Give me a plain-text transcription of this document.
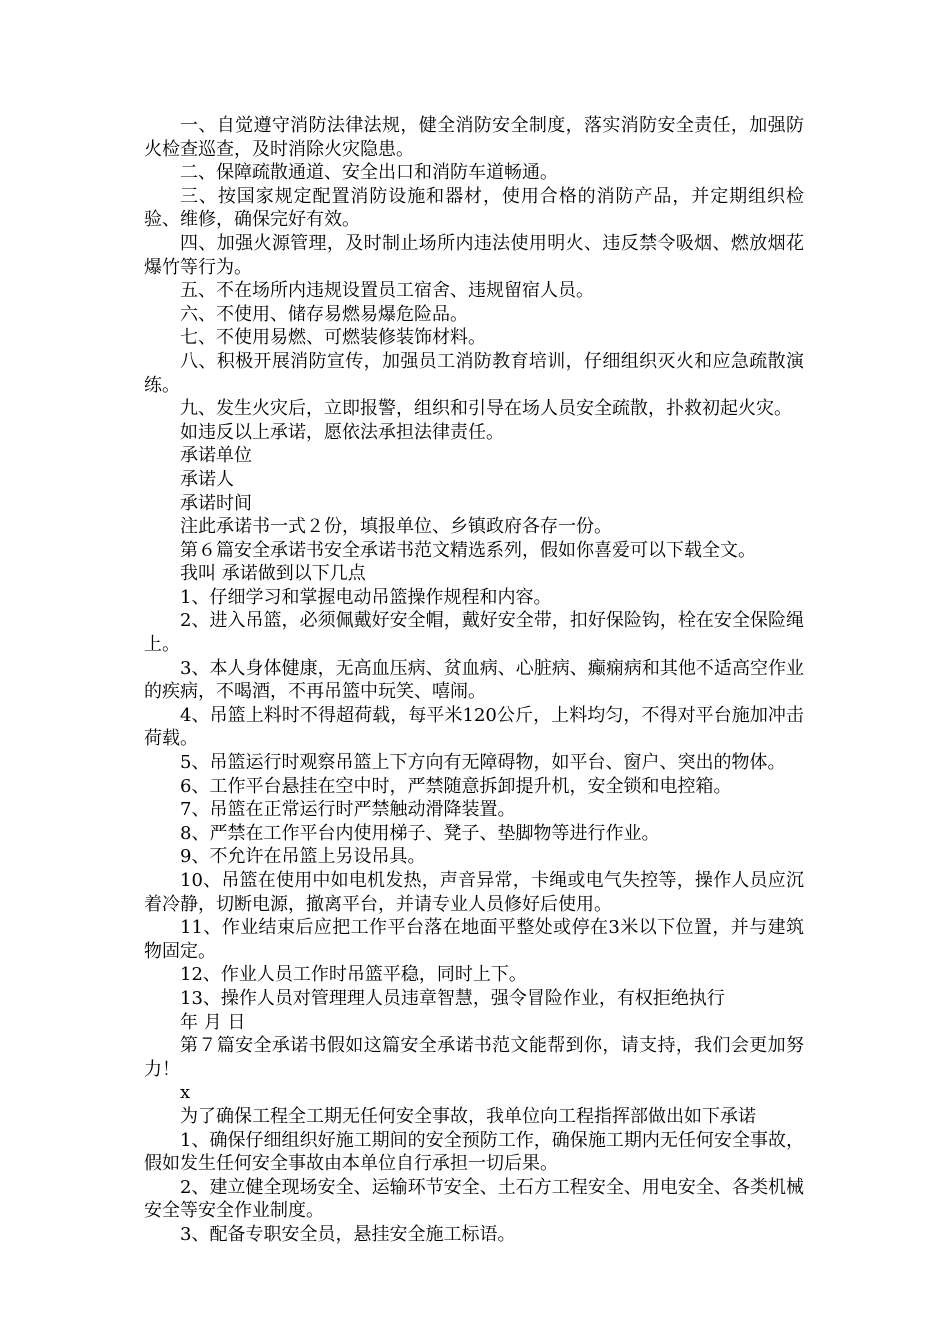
一、自觉遵守消防法律法规，健全消防安全制度，落实消防安全责任，加强防火检查巡查，及时消除火灾隐患。

二、保障疏散通道、安全出口和消防车道畅通。

三、按国家规定配置消防设施和器材，使用合格的消防产品，并定期组织检验、维修，确保完好有效。

四、加强火源管理，及时制止场所内违法使用明火、违反禁令吸烟、燃放烟花爆竹等行为。

五、不在场所内违规设置员工宿舍、违规留宿人员。

六、不使用、储存易燃易爆危险品。

七、不使用易燃、可燃装修装饰材料。

八、积极开展消防宣传，加强员工消防教育培训，仔细组织灭火和应急疏散演练。

九、发生火灾后，立即报警，组织和引导在场人员安全疏散，扑救初起火灾。

如违反以上承诺，愿依法承担法律责任。

承诺单位

承诺人

承诺时间

注此承诺书一式２份，填报单位、乡镇政府各存一份。

第６篇安全承诺书安全承诺书范文精选系列，假如你喜爱可以下载全文。

我叫 承诺做到以下几点

1、仔细学习和掌握电动吊篮操作规程和内容。

2、进入吊篮，必须佩戴好安全帽，戴好安全带，扣好保险钩，栓在安全保险绳上。

3、本人身体健康，无高血压病、贫血病、心脏病、癫痫病和其他不适高空作业的疾病，不喝酒，不再吊篮中玩笑、嘻闹。

4、吊篮上料时不得超荷载，每平米120公斤，上料均匀，不得对平台施加冲击荷载。

5、吊篮运行时观察吊篮上下方向有无障碍物，如平台、窗户、突出的物体。

6、工作平台悬挂在空中时，严禁随意拆卸提升机，安全锁和电控箱。

7、吊篮在正常运行时严禁触动滑降装置。

8、严禁在工作平台内使用梯子、凳子、垫脚物等进行作业。

9、不允许在吊篮上另设吊具。

10、吊篮在使用中如电机发热，声音异常，卡绳或电气失控等，操作人员应沉着冷静，切断电源，撤离平台，并请专业人员修好后使用。

11、作业结束后应把工作平台落在地面平整处或停在3米以下位置，并与建筑物固定。

12、作业人员工作时吊篮平稳，同时上下。

13、操作人员对管理理人员违章智慧，强令冒险作业，有权拒绝执行

年 月 日

第７篇安全承诺书假如这篇安全承诺书范文能帮到你，请支持，我们会更加努力！

x

为了确保工程全工期无任何安全事故，我单位向工程指挥部做出如下承诺

1、确保仔细组织好施工期间的安全预防工作，确保施工期内无任何安全事故，假如发生任何安全事故由本单位自行承担一切后果。

2、建立健全现场安全、运输环节安全、土石方工程安全、用电安全、各类机械安全等安全作业制度。

3、配备专职安全员，悬挂安全施工标语。
